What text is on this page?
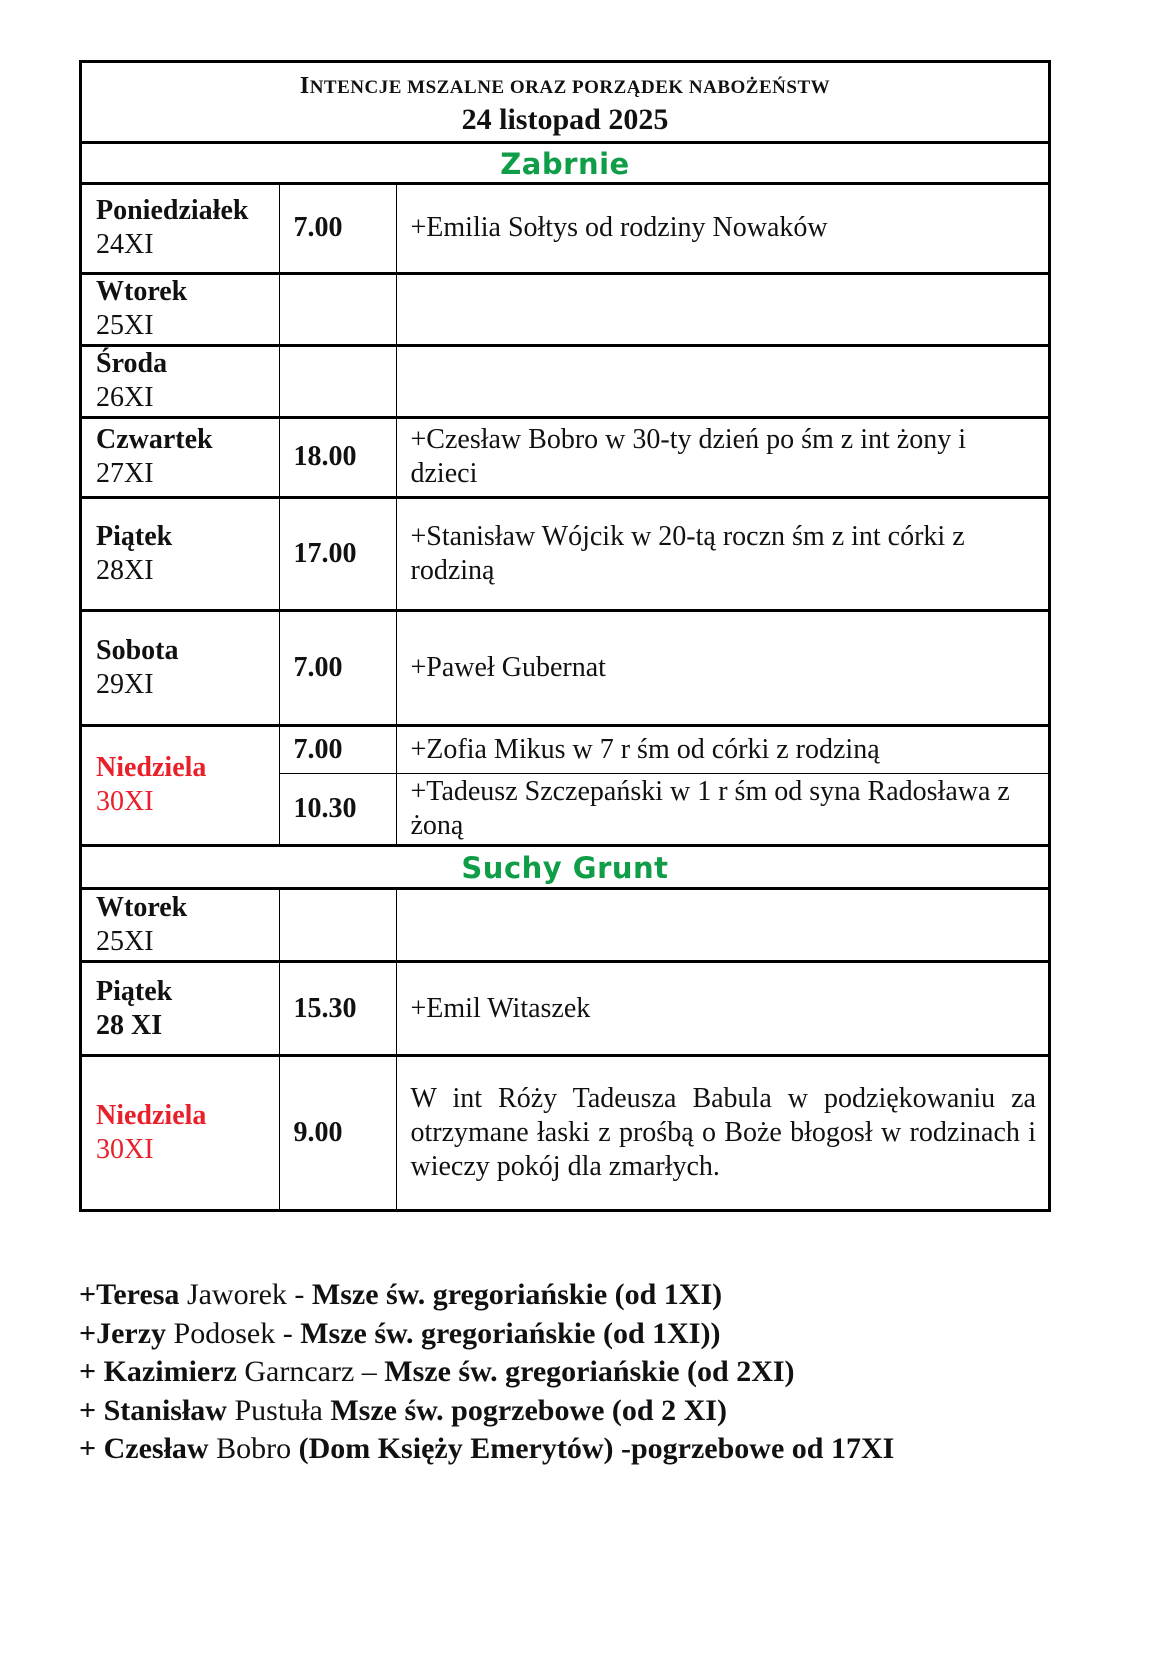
INTENCJE MSZALNE ORAZ PORZĄDEK NABOŻEŃSTW
24 listopad 2025
Zabrnie
Poniedziałek
24XI	7.00	+Emilia Sołtys od rodziny Nowaków

Wtorek
25XI		

Środa
26XI		

Czwartek
27XI	18.00	+Czesław Bobro w 30-ty dzień po śm z int żony i dzieci

Piątek
28XI	17.00	+Stanisław Wójcik w 20-tą roczn śm z int córki z rodziną

Sobota
29XI	7.00	+Paweł Gubernat

Niedziela
30XI	7.00	+Zofia Mikus w 7 r śm od córki z rodziną
	10.30	+Tadeusz Szczepański w 1 r śm od syna Radosława z żoną
Suchy Grunt
Wtorek
25XI		

Piątek
28 XI	15.30	+Emil Witaszek

Niedziela
30XI	9.00	W int Róży Tadeusza Babula w podziękowaniu za otrzymane łaski z prośbą o Boże błogosł w rodzinach i wieczy pokój dla zmarłych.
+Teresa Jaworek - Msze św. gregoriańskie (od 1XI)
+Jerzy Podosek - Msze św. gregoriańskie (od 1XI))
+ Kazimierz Garncarz – Msze św. gregoriańskie (od 2XI)
+ Stanisław Pustuła Msze św. pogrzebowe (od 2 XI)
+ Czesław Bobro (Dom Księży Emerytów) -pogrzebowe od 17XI
